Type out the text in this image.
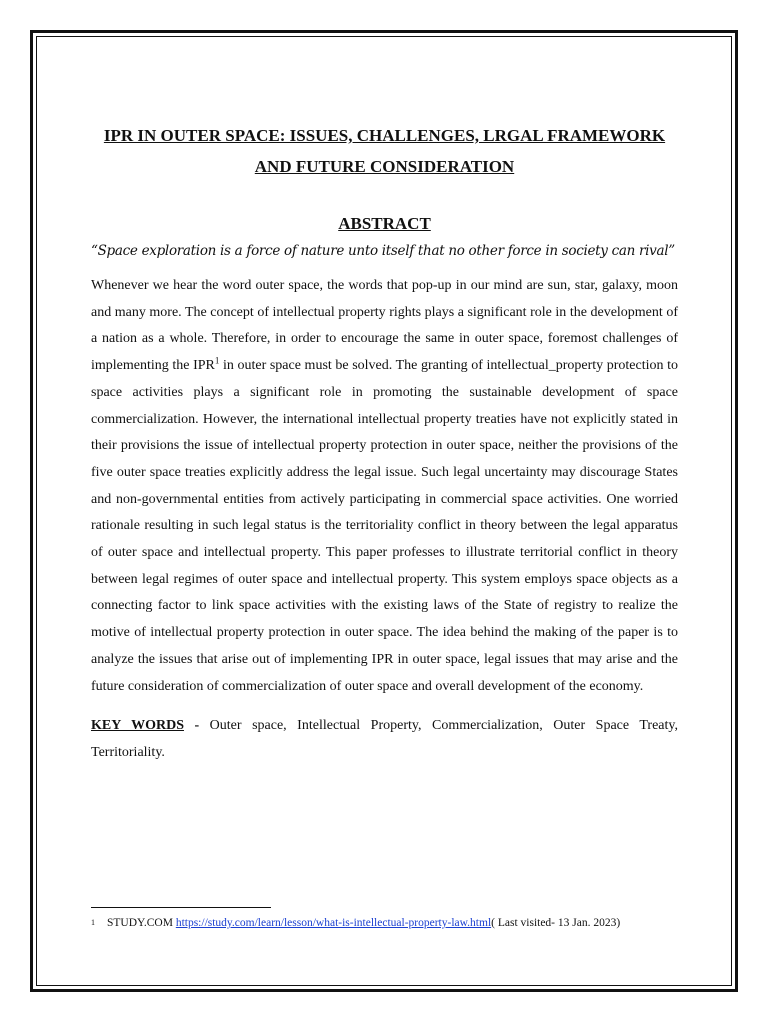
IPR IN OUTER SPACE: ISSUES, CHALLENGES, LRGAL FRAMEWORK
AND FUTURE CONSIDERATION
ABSTRACT

“Space exploration is a force of nature unto itself that no other force in society can rival”

Whenever we hear the word outer space, the words that pop-up in our mind are sun, star, galaxy, moon and many more. The concept of intellectual property rights plays a significant role in the development of a nation as a whole. Therefore, in order to encourage the same in outer space, foremost challenges of implementing the IPR$^1$ in outer space must be solved. The granting of intellectual_property protection to space activities plays a significant role in promoting the sustainable development of space commercialization. However, the international intellectual property treaties have not explicitly stated in their provisions the issue of intellectual property protection in outer space, neither the provisions of the five outer space treaties explicitly address the legal issue. Such legal uncertainty may discourage States and non-governmental entities from actively participating in commercial space activities. One worried rationale resulting in such legal status is the territoriality conflict in theory between the legal apparatus of outer space and intellectual property. This paper professes to illustrate territorial conflict in theory between legal regimes of outer space and intellectual property. This system employs space objects as a connecting factor to link space activities with the existing laws of the State of registry to realize the motive of intellectual property protection in outer space. The idea behind the making of the paper is to analyze the issues that arise out of implementing IPR in outer space, legal issues that may arise and the future consideration of commercialization of outer space and overall development of the economy.

KEY WORDS - Outer space, Intellectual Property, Commercialization, Outer Space Treaty, Territoriality.

$^1$ STUDY.COM https://study.com/learn/lesson/what-is-intellectual-property-law.html( Last visited- 13 Jan. 2023)
